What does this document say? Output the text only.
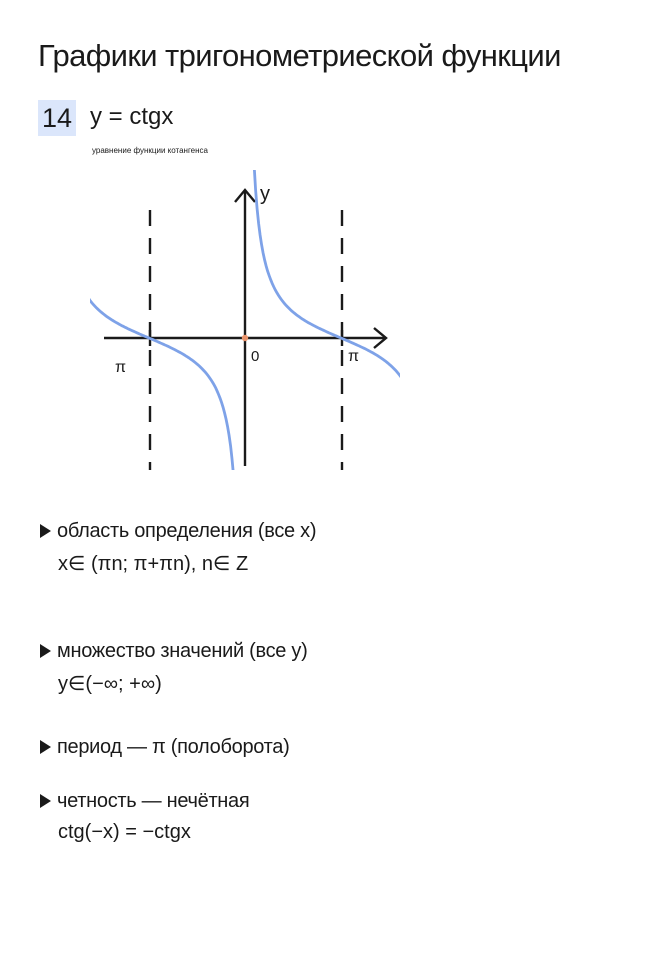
Графики тригонометриеской функции
14 y = ctgx
уравнение функции котангенса
y
0
π
π
область определения (все x)
x∈ (πn; π+πn), n∈ Z
множество значений (все y)
y∈(−∞; +∞)
период — π (полоборота)
четность — нечётная
ctg(−x) = −ctgx
